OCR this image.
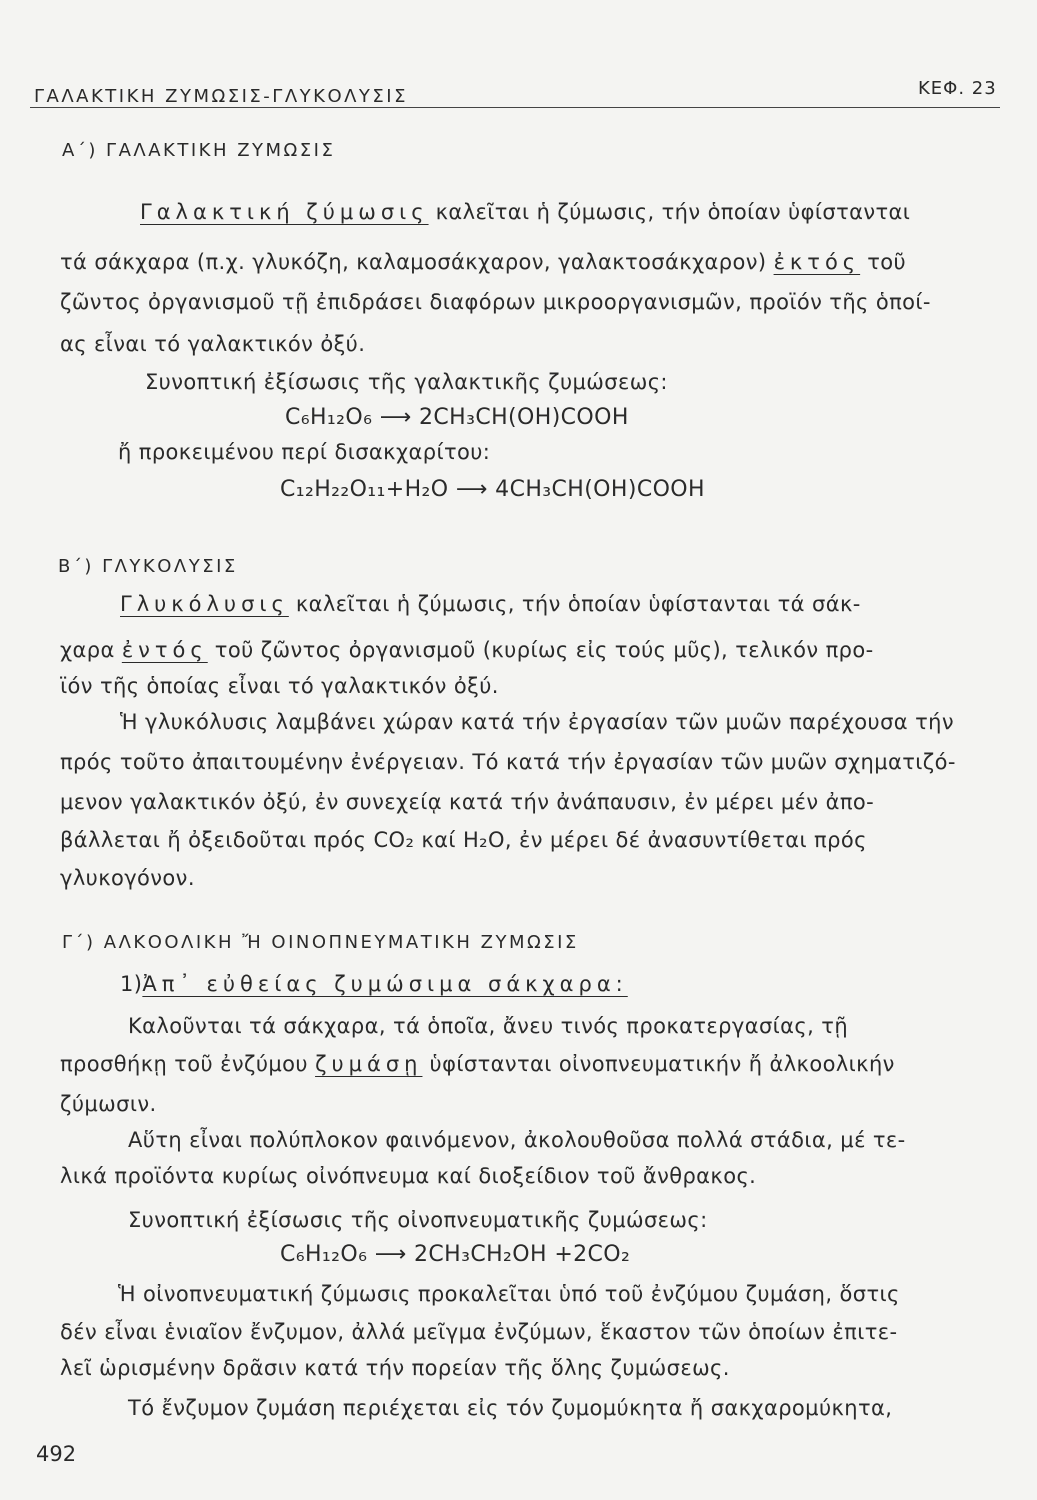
ΓΑΛΑΚΤΙΚΗ ΖΥΜΩΣΙΣ-ΓΛΥΚΟΛΥΣΙΣ	ΚΕΦ. 23
Α΄) ΓΑΛΑΚΤΙΚΗ ΖΥΜΩΣΙΣ
Γαλακτική ζύμωσις καλεῖται ἡ ζύμωσις, τήν ὁποίαν ὑφίστανται
τά σάκχαρα (π.χ. γλυκόζη, καλαμοσάκχαρον, γαλακτοσάκχαρον) ἐκτός τοῦ
ζῶντος ὀργανισμοῦ τῇ ἐπιδράσει διαφόρων μικροοργανισμῶν, προϊόν τῆς ὁποί-
ας εἶναι τό γαλακτικόν ὀξύ.
Συνοπτική ἐξίσωσις τῆς γαλακτικῆς ζυμώσεως:
C₆H₁₂O₆ ⟶ 2CH₃CH(OH)COOH
ἤ προκειμένου περί δισακχαρίτου:
C₁₂H₂₂O₁₁+H₂O ⟶ 4CH₃CH(OH)COOH
Β΄) ΓΛΥΚΟΛΥΣΙΣ
Γλυκόλυσις καλεῖται ἡ ζύμωσις, τήν ὁποίαν ὑφίστανται τά σάκ-
χαρα ἐντός τοῦ ζῶντος ὀργανισμοῦ (κυρίως εἰς τούς μῦς), τελικόν προ-
ϊόν τῆς ὁποίας εἶναι τό γαλακτικόν ὀξύ.
Ἡ γλυκόλυσις λαμβάνει χώραν κατά τήν ἐργασίαν τῶν μυῶν παρέχουσα τήν
πρός τοῦτο ἀπαιτουμένην ἐνέργειαν. Τό κατά τήν ἐργασίαν τῶν μυῶν σχηματιζό-
μενον γαλακτικόν ὀξύ, ἐν συνεχείᾳ κατά τήν ἀνάπαυσιν, ἐν μέρει μέν ἀπο-
βάλλεται ἤ ὀξειδοῦται πρός CO₂ καί H₂O, ἐν μέρει δέ ἀνασυντίθεται πρός
γλυκογόνον.
Γ΄) ΑΛΚΟΟΛΙΚΗ Ἤ ΟΙΝΟΠΝΕΥΜΑΤΙΚΗ ΖΥΜΩΣΙΣ
1)Ἀπ᾿ εὐθείας ζυμώσιμα σάκχαρα:
Καλοῦνται τά σάκχαρα, τά ὁποῖα, ἄνευ τινός προκατεργασίας, τῇ
προσθήκῃ τοῦ ἐνζύμου ζυμάσῃ ὑφίστανται οἰνοπνευματικήν ἤ ἀλκοολικήν
ζύμωσιν.
Αὕτη εἶναι πολύπλοκον φαινόμενον, ἀκολουθοῦσα πολλά στάδια, μέ τε-
λικά προϊόντα κυρίως οἰνόπνευμα καί διοξείδιον τοῦ ἄνθρακος.
Συνοπτική ἐξίσωσις τῆς οἰνοπνευματικῆς ζυμώσεως:
C₆H₁₂O₆ ⟶ 2CH₃CH₂OH +2CO₂
Ἡ οἰνοπνευματική ζύμωσις προκαλεῖται ὑπό τοῦ ἐνζύμου ζυμάση, ὅστις
δέν εἶναι ἑνιαῖον ἔνζυμον, ἀλλά μεῖγμα ἐνζύμων, ἕκαστον τῶν ὁποίων ἐπιτε-
λεῖ ὡρισμένην δρᾶσιν κατά τήν πορείαν τῆς ὅλης ζυμώσεως.
Τό ἔνζυμον ζυμάση περιέχεται εἰς τόν ζυμομύκητα ἤ σακχαρομύκητα,
492
